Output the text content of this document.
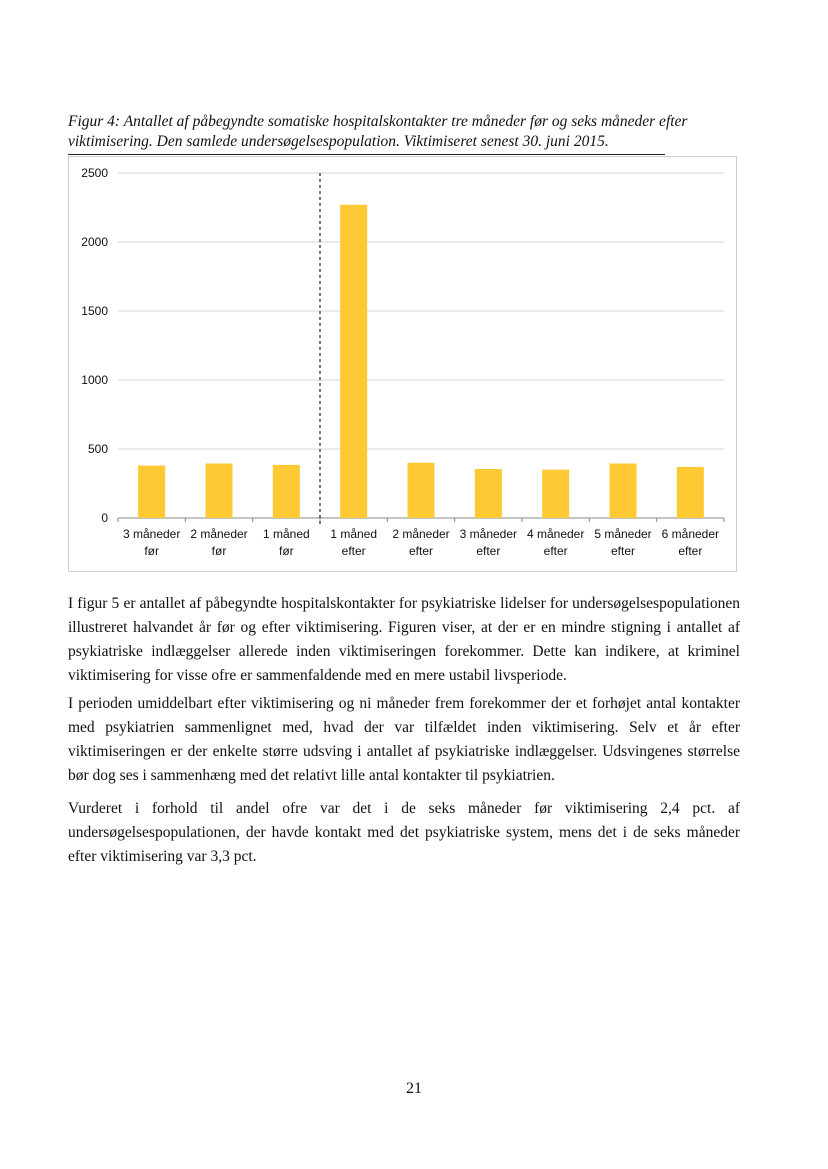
Figur 4: Antallet af påbegyndte somatiske hospitalskontakter tre måneder før og seks måneder efter viktimisering. Den samlede undersøgelsespopulation. Viktimiseret senest 30. juni 2015.
0
500
1000
1500
2000
2500
3 måneder
før
2 måneder
før
1 måned
før
1 måned
efter
2 måneder
efter
3 måneder
efter
4 måneder
efter
5 måneder
efter
6 måneder
efter

I figur 5 er antallet af påbegyndte hospitalskontakter for psykiatriske lidelser for undersøgelsespopulationen illustreret halvandet år før og efter viktimisering. Figuren viser, at der er en mindre stigning i antallet af psykiatriske indlæggelser allerede inden viktimiseringen forekommer. Dette kan indikere, at kriminel viktimisering for visse ofre er sammenfaldende med en mere ustabil livsperiode.

I perioden umiddelbart efter viktimisering og ni måneder frem forekommer der et forhøjet antal kontakter med psykiatrien sammenlignet med, hvad der var tilfældet inden viktimisering. Selv et år efter viktimiseringen er der enkelte større udsving i antallet af psykiatriske indlæggelser. Udsvingenes størrelse bør dog ses i sammenhæng med det relativt lille antal kontakter til psykiatrien.

Vurderet i forhold til andel ofre var det i de seks måneder før viktimisering 2,4 pct. af undersøgelsespopulationen, der havde kontakt med det psykiatriske system, mens det i de seks måneder efter viktimisering var 3,3 pct.

21
